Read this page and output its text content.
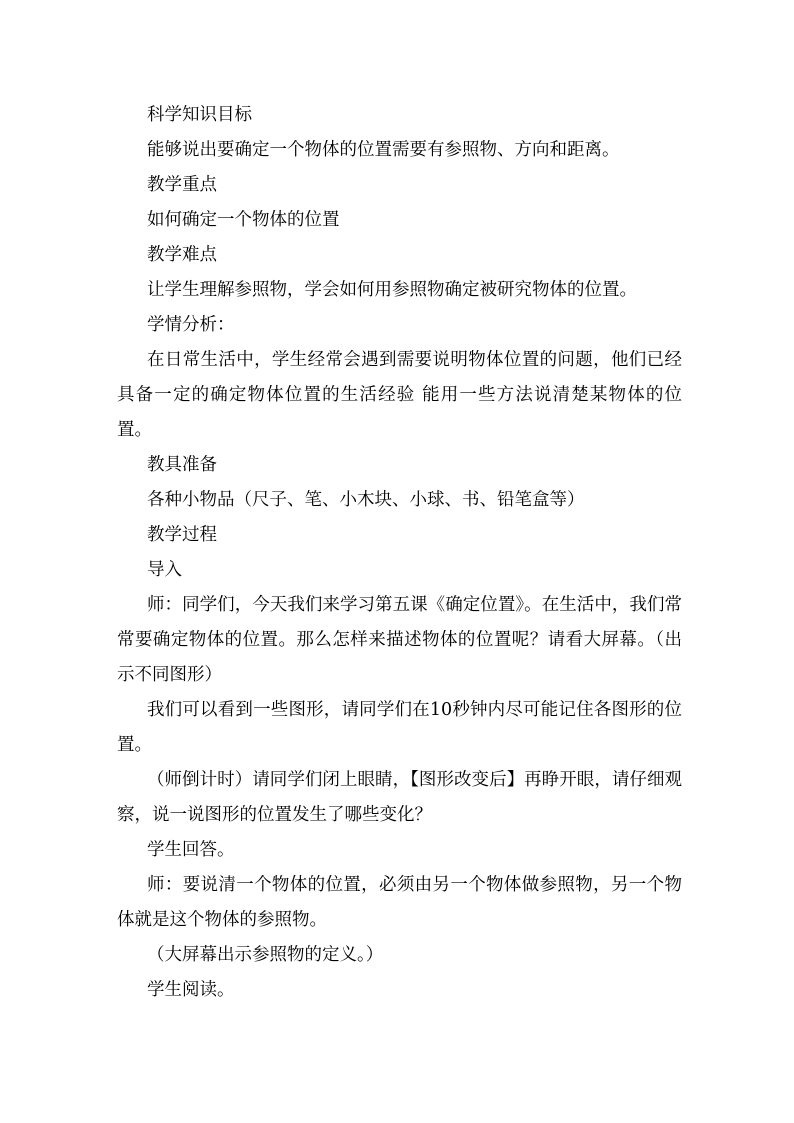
科学知识目标

能够说出要确定一个物体的位置需要有参照物、方向和距离。

教学重点

如何确定一个物体的位置

教学难点

让学生理解参照物，学会如何用参照物确定被研究物体的位置。

学情分析：

在日常生活中，学生经常会遇到需要说明物体位置的问题，他们已经具备一定的确定物体位置的生活经验 能用一些方法说清楚某物体的位置。

教具准备

各种小物品（尺子、笔、小木块、小球、书、铅笔盒等）

教学过程

导入

师：同学们，今天我们来学习第五课《确定位置》。在生活中，我们常常要确定物体的位置。那么怎样来描述物体的位置呢？请看大屏幕。（出示不同图形）

我们可以看到一些图形，请同学们在10秒钟内尽可能记住各图形的位置。

（师倒计时）请同学们闭上眼睛，【图形改变后】再睁开眼，请仔细观察，说一说图形的位置发生了哪些变化？

学生回答。

师：要说清一个物体的位置，必须由另一个物体做参照物，另一个物体就是这个物体的参照物。

（大屏幕出示参照物的定义。）

学生阅读。
